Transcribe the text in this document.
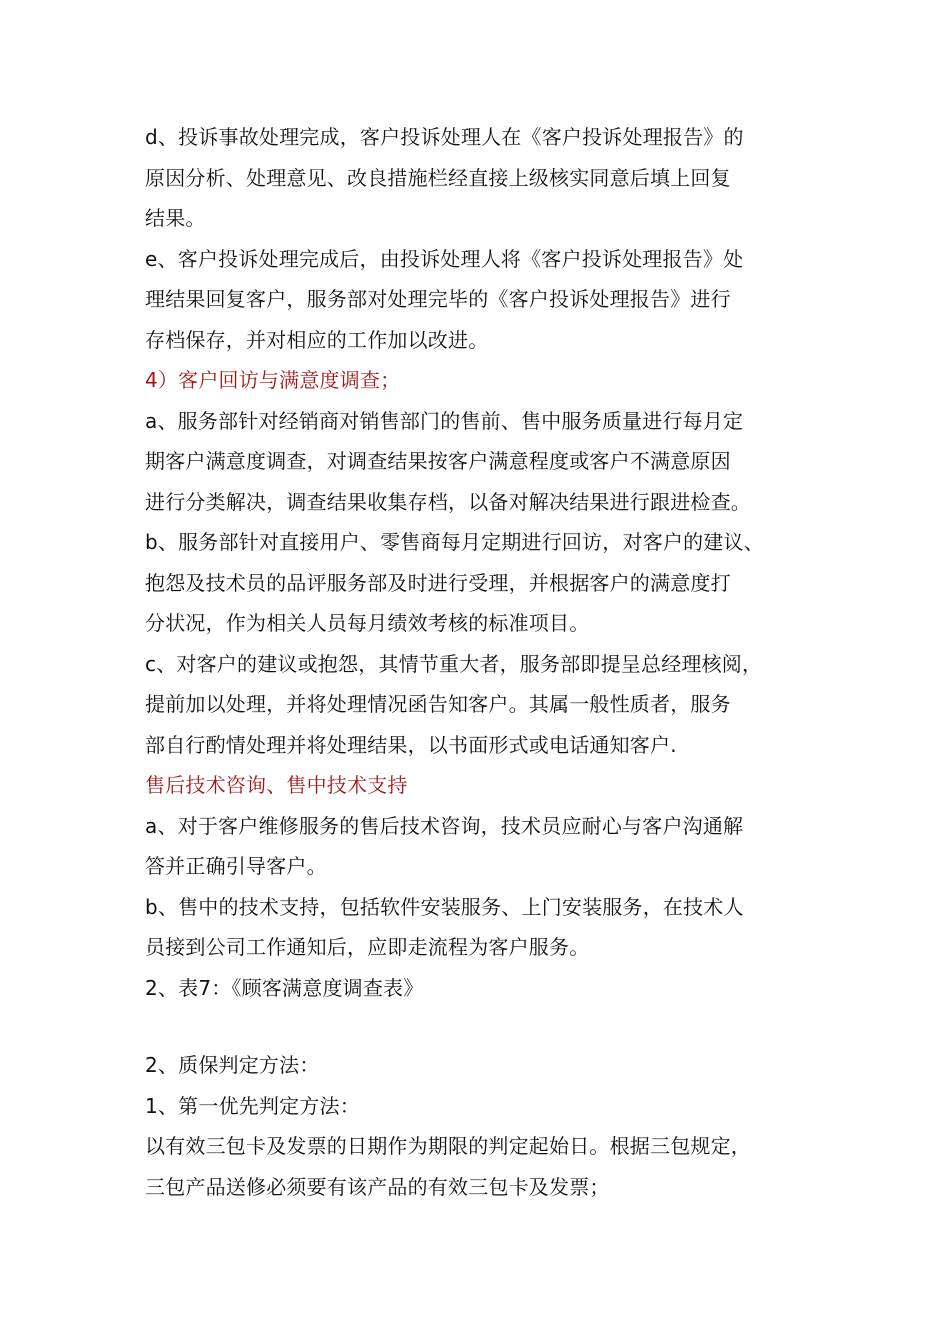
d、投诉事故处理完成，客户投诉处理人在《客户投诉处理报告》的
原因分析、处理意见、改良措施栏经直接上级核实同意后填上回复
结果。
e、客户投诉处理完成后，由投诉处理人将《客户投诉处理报告》处
理结果回复客户，服务部对处理完毕的《客户投诉处理报告》进行
存档保存，并对相应的工作加以改进。
4）客户回访与满意度调查；
a、服务部针对经销商对销售部门的售前、售中服务质量进行每月定
期客户满意度调查，对调查结果按客户满意程度或客户不满意原因
进行分类解决，调查结果收集存档，以备对解决结果进行跟进检查。
b、服务部针对直接用户、零售商每月定期进行回访，对客户的建议、
抱怨及技术员的品评服务部及时进行受理，并根据客户的满意度打
分状况，作为相关人员每月绩效考核的标准项目。
c、对客户的建议或抱怨，其情节重大者，服务部即提呈总经理核阅，
提前加以处理，并将处理情况函告知客户。其属一般性质者，服务
部自行酌情处理并将处理结果，以书面形式或电话通知客户.
售后技术咨询、售中技术支持
a、对于客户维修服务的售后技术咨询，技术员应耐心与客户沟通解
答并正确引导客户。
b、售中的技术支持，包括软件安装服务、上门安装服务，在技术人
员接到公司工作通知后，应即走流程为客户服务。
2、表7：《顾客满意度调查表》
2、质保判定方法：
1、第一优先判定方法：
以有效三包卡及发票的日期作为期限的判定起始日。根据三包规定，
三包产品送修必须要有该产品的有效三包卡及发票；
